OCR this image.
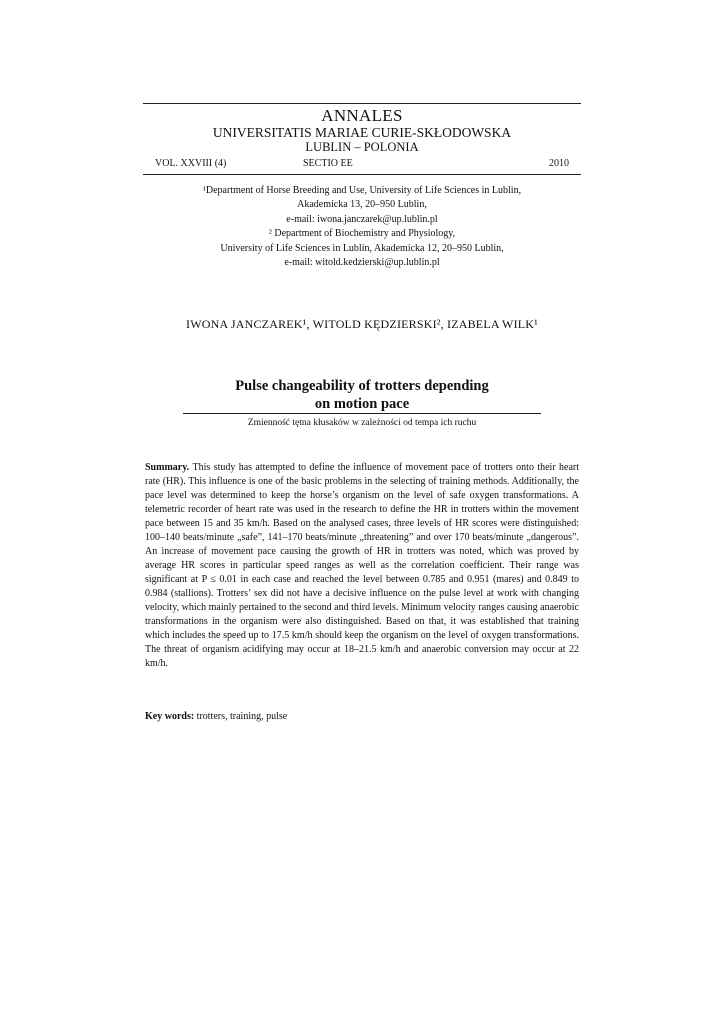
ANNALES
UNIVERSITATIS MARIAE CURIE-SKŁODOWSKA
LUBLIN – POLONIA
VOL. XXVIII (4)	SECTIO EE	2010
¹Department of Horse Breeding and Use, University of Life Sciences in Lublin,
Akademicka 13, 20–950 Lublin,
e-mail: iwona.janczarek@up.lublin.pl
² Department of Biochemistry and Physiology,
University of Life Sciences in Lublin, Akademicka 12, 20–950 Lublin,
e-mail: witold.kedzierski@up.lublin.pl
IWONA JANCZAREK¹, WITOLD KĘDZIERSKI², IZABELA WILK¹
Pulse changeability of trotters depending
on motion pace
Zmienność tętna kłusaków w zależności od tempa ich ruchu
Summary. This study has attempted to define the influence of movement pace of trotters onto their heart rate (HR). This influence is one of the basic problems in the selecting of training methods. Additionally, the pace level was determined to keep the horse’s organism on the level of safe oxygen transformations. A telemetric recorder of heart rate was used in the research to define the HR in trotters within the movement pace between 15 and 35 km/h. Based on the analysed cases, three levels of HR scores were distinguished: 100–140 beats/minute „safe”, 141–170 beats/minute „threatening” and over 170 beats/minute „dangerous”. An increase of movement pace causing the growth of HR in trotters was noted, which was proved by average HR scores in particular speed ranges as well as the correlation coefficient. Their range was significant at P ≤ 0.01 in each case and reached the level between 0.785 and 0.951 (mares) and 0.849 to 0.984 (stallions). Trotters’ sex did not have a decisive influence on the pulse level at work with changing velocity, which mainly pertained to the second and third levels. Minimum velocity ranges causing anaerobic transformations in the organism were also distinguished. Based on that, it was established that training which includes the speed up to 17.5 km/h should keep the organism on the level of oxygen transformations. The threat of organism acidifying may occur at 18–21.5 km/h and anaerobic conversion may occur at 22 km/h.
Key words: trotters, training, pulse
